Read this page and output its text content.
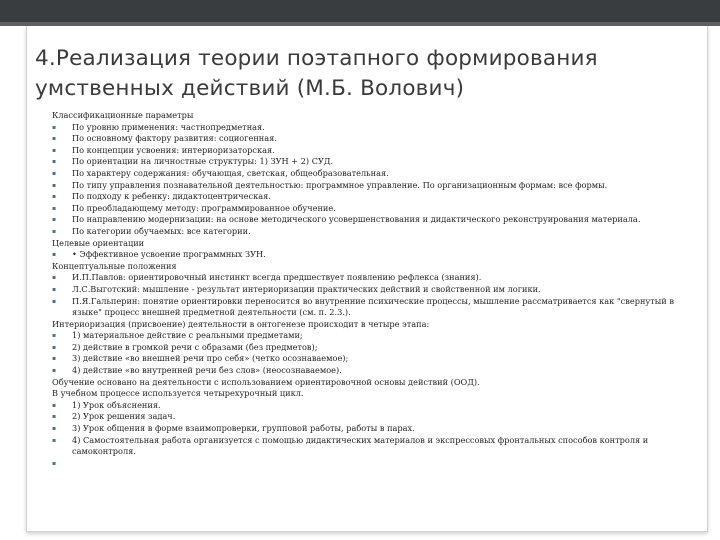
4.Реализация теории поэтапного формирования умственных действий (М.Б. Волович)
Классификационные параметры
▪	По уровню применения: частнопредметная.
▪	По основному фактору развития: социогенная.
▪	По концепции усвоения: интериоризаторская.
▪	По ориентации на личностные структуры: 1) ЗУН + 2) СУД.
▪	По характеру содержания: обучающая, светская, общеобразовательная.
▪	По типу управления познавательной деятельностью: программное управление. По организационным формам: все формы.
▪	По подходу к ребенку: дидактоцентрическая.
▪	По преобладающему методу: программированное обучение.
▪	По направлению модернизации: на основе методического усовершенствования и дидактического реконструирования материала.
▪	По категории обучаемых: все категории.
Целевые ориентации
▪	• Эффективное усвоение программных ЗУН.
Концептуальные положения
▪	И.П.Павлов: ориентировочный инстинкт всегда предшествует появлению рефлекса (знания).
▪	Л.С.Выготский: мышление - результат интериоризации практических действий и свойственной им логики.
▪	П.Я.Гальперин: понятие ориентировки переносится во внутренние психические процессы, мышление рассматривается как "свернутый в языке" процесс внешней предметной деятельности (см. п. 2.3.).
Интериоризация (присвоение) деятельности в онтогенезе происходит в четыре этапа:
▪	1) материальное действие с реальными предметами;
▪	2) действие в громкой речи с образами (без предметов);
▪	3) действие «во внешней речи про себя» (четко осознаваемое);
▪	4) действие «во внутренней речи без слов» (неосознаваемое).
Обучение основано на деятельности с использованием ориентировочной основы действий (ООД).
В учебном процессе используется четырехурочный цикл.
▪	1) Урок объяснения.
▪	2) Урок решения задач.
▪	3) Урок общения в форме взаимопроверки, групповой работы, работы в парах.
▪	4) Самостоятельная работа организуется с помощью дидактических материалов и экспрессовых фронтальных способов контроля и самоконтроля.
▪
